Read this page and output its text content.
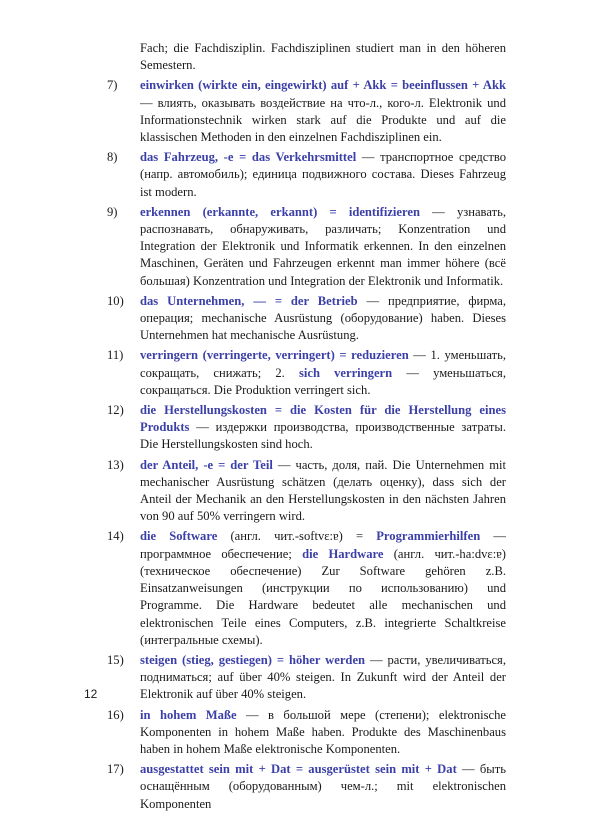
Fach; die Fachdisziplin. Fachdisziplinen studiert man in den höheren Semestern.

7) einwirken (wirkte ein, eingewirkt) auf + Akk = beeinflussen + Akk — влиять, оказывать воздействие на что-л., кого-л. Elektronik und Informationstechnik wirken stark auf die Produkte und auf die klassischen Methoden in den einzelnen Fachdisziplinen ein.

8) das Fahrzeug, -e = das Verkehrsmittel — транспортное средство (напр. автомобиль); единица подвижного состава. Dieses Fahrzeug ist modern.

9) erkennen (erkannte, erkannt) = identifizieren — узнавать, распознавать, обнаруживать, различать; Konzentration und Integration der Elektronik und Informatik erkennen. In den einzelnen Maschinen, Geräten und Fahrzeugen erkennt man immer höhere (всё большая) Konzentration und Integration der Elektronik und Informatik.

10) das Unternehmen, — = der Betrieb — предприятие, фирма, операция; mechanische Ausrüstung (оборудование) haben. Dieses Unternehmen hat mechanische Ausrüstung.

11) verringern (verringerte, verringert) = reduzieren — 1. уменьшать, сокращать, снижать; 2. sich verringern — уменьшаться, сокращаться. Die Produktion verringert sich.

12) die Herstellungskosten = die Kosten für die Herstellung eines Produkts — издержки производства, производственные затраты. Die Herstellungskosten sind hoch.

13) der Anteil, -e = der Teil — часть, доля, пай. Die Unternehmen mit mechanischer Ausrüstung schätzen (делать оценку), dass sich der Anteil der Mechanik an den Herstellungskosten in den nächsten Jahren von 90 auf 50% verringern wird.

14) die Software (англ. чит.-softvɛ:ɐ) = Programmierhilfen — программное обеспечение; die Hardware (англ. чит.-ha:dvɛ:ɐ) (техническое обеспечение) Zur Software gehören z.B. Einsatzanweisungen (инструкции по использованию) und Programme. Die Hardware bedeutet alle mechanischen und elektronischen Teile eines Computers, z.B. integrierte Schaltkreise (интегральные схемы).

15) steigen (stieg, gestiegen) = höher werden — расти, увеличиваться, подниматься; auf über 40% steigen. In Zukunft wird der Anteil der Elektronik auf über 40% steigen.

16) in hohem Maße — в большой мере (степени); elektronische Komponenten in hohem Maße haben. Produkte des Maschinenbaus haben in hohem Maße elektronische Komponenten.

17) ausgestattet sein mit + Dat = ausgerüstet sein mit + Dat — быть оснащённым (оборудованным) чем-л.; mit elektronischen Komponenten

12
